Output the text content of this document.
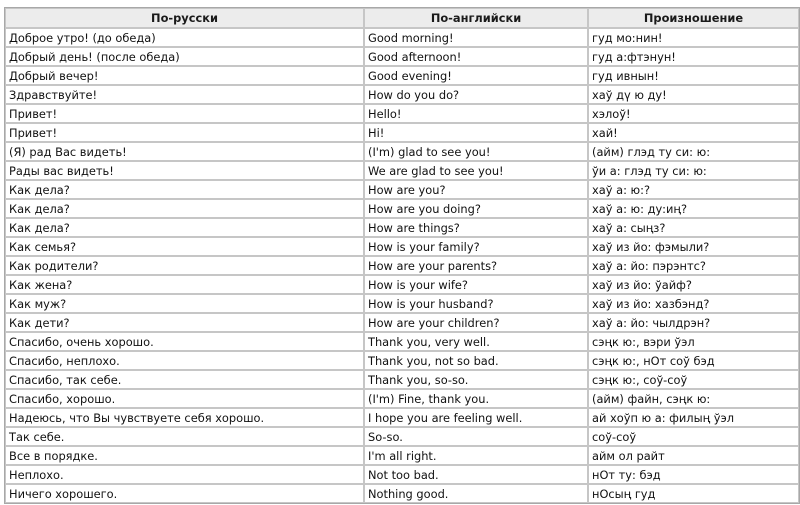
По-русски	По-английски	Произношение
Доброе утро! (до обеда)	Good morning!	гуд мо:нин!
Добрый день! (после обеда)	Good afternoon!	гуд а:фтэнун!
Добрый вечер!	Good evening!	гуд ивнын!
Здравствуйте!	How do you do?	хаў дү ю ду!
Привет!	Hello!	хэлоў!
Привет!	Hi!	хай!
(Я) рад Вас видеть!	(I'm) glad to see you!	(айм) глэд ту си: ю:
Рады вас видеть!	We are glad to see you!	ўи а: глэд ту си: ю:
Как дела?	How are you?	хаў а: ю:?
Как дела?	How are you doing?	хаў а: ю: ду:иң?
Как дела?	How are things?	хаў а: сыңз?
Как семья?	How is your family?	хаў из йо: фэмыли?
Как родители?	How are your parents?	хаў а: йо: пэрэнтс?
Как жена?	How is your wife?	хаў из йо: ўайф?
Как муж?	How is your husband?	хаў из йо: хазбэнд?
Как дети?	How are your children?	хаў а: йо: чылдрэн?
Спасибо, очень хорошо.	Thank you, very well.	сэңк ю:, вэри ўэл
Спасибо, неплохо.	Thank you, not so bad.	сэңк ю:, нОт соў бэд
Спасибо, так себе.	Thank you, so-so.	сэңк ю:, соў-соў
Спасибо, хорошо.	(I'm) Fine, thank you.	(айм) файн, сэңк ю:
Надеюсь, что Вы чувствуете себя хорошо.	I hope you are feeling well.	ай хоўп ю а: филың ўэл
Так себе.	So-so.	соў-соў
Все в порядке.	I'm all right.	айм ол райт
Неплохо.	Not too bad.	нОт ту: бэд
Ничего хорошего.	Nothing good.	нОсың гуд
